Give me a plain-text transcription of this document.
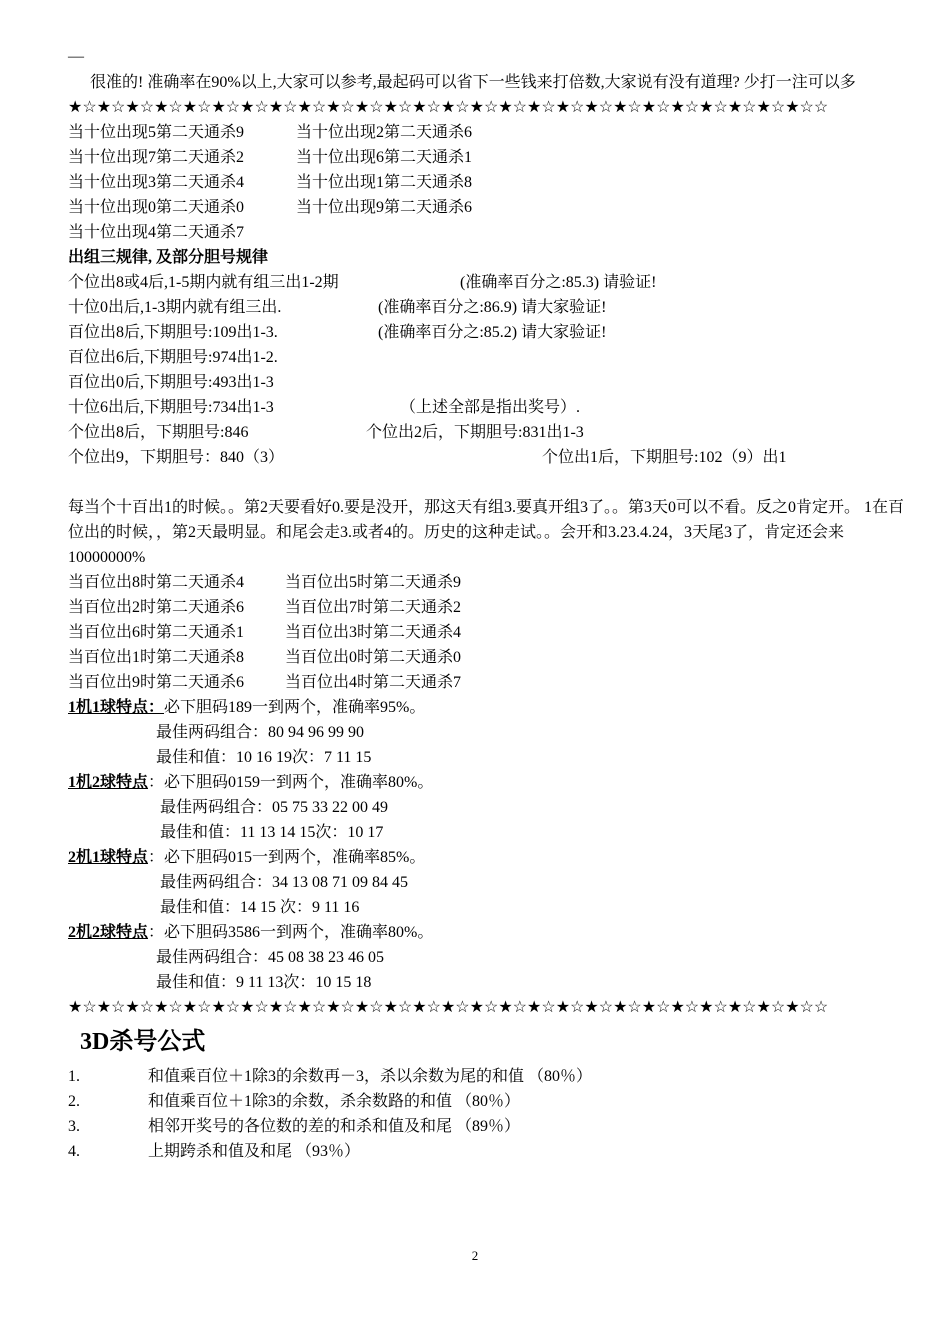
—
很准的! 准确率在90%以上,大家可以参考,最起码可以省下一些钱来打倍数,大家说有没有道理? 少打一注可以多
★☆★☆★☆★☆★☆★☆★☆★☆★☆★☆★☆★☆★☆★☆★☆★☆★☆★☆★☆★☆★☆★☆★☆★☆★☆★☆☆
当十位出现5第二天通杀9	当十位出现2第二天通杀6
当十位出现7第二天通杀2	当十位出现6第二天通杀1
当十位出现3第二天通杀4	当十位出现1第二天通杀8
当十位出现0第二天通杀0	当十位出现9第二天通杀6
当十位出现4第二天通杀7
出组三规律, 及部分胆号规律
个位出8或4后,1-5期内就有组三出1-2期	(准确率百分之:85.3) 请验证!
十位0出后,1-3期内就有组三出.	(准确率百分之:86.9) 请大家验证!
百位出8后,下期胆号:109出1-3.	(准确率百分之:85.2) 请大家验证!
百位出6后,下期胆号:974出1-2.
百位出0后,下期胆号:493出1-3
十位6出后,下期胆号:734出1-3	（上述全部是指出奖号）.
个位出8后，下期胆号:846	个位出2后，下期胆号:831出1-3
个位出9，下期胆号：840（3）	个位出1后，下期胆号:102（9）出1
每当个十百出1的时候。。第2天要看好0.要是没开，那这天有组3.要真开组3了。。第3天0可以不看。反之0肯定开。 1在百位出的时候，，第2天最明显。和尾会走3.或者4的。历史的这种走试。。会开和3.23.4.24，3天尾3了，肯定还会来10000000%
当百位出8时第二天通杀4	当百位出5时第二天通杀9
当百位出2时第二天通杀6	当百位出7时第二天通杀2
当百位出6时第二天通杀1	当百位出3时第二天通杀4
当百位出1时第二天通杀8	当百位出0时第二天通杀0
当百位出9时第二天通杀6	当百位出4时第二天通杀7
1机1球特点：必下胆码189一到两个，准确率95%。
最佳两码组合：80 94 96 99 90
最佳和值：10 16 19次：7 11 15
1机2球特点：必下胆码0159一到两个，准确率80%。
最佳两码组合：05 75 33 22 00 49
最佳和值：11 13 14 15次：10 17
2机1球特点：必下胆码015一到两个，准确率85%。
最佳两码组合：34 13 08 71 09 84 45
最佳和值：14 15 次：9 11 16
2机2球特点：必下胆码3586一到两个，准确率80%。
最佳两码组合：45 08 38 23 46 05
最佳和值：9 11 13次：10 15 18
★☆★☆★☆★☆★☆★☆★☆★☆★☆★☆★☆★☆★☆★☆★☆★☆★☆★☆★☆★☆★☆★☆★☆★☆★☆★☆☆
3D杀号公式
1.	和值乘百位＋1除3的余数再－3，杀以余数为尾的和值 （80％）
2.	和值乘百位＋1除3的余数，杀余数路的和值 （80％）
3.	相邻开奖号的各位数的差的和杀和值及和尾 （89％）
4.	上期跨杀和值及和尾 （93％）
2
